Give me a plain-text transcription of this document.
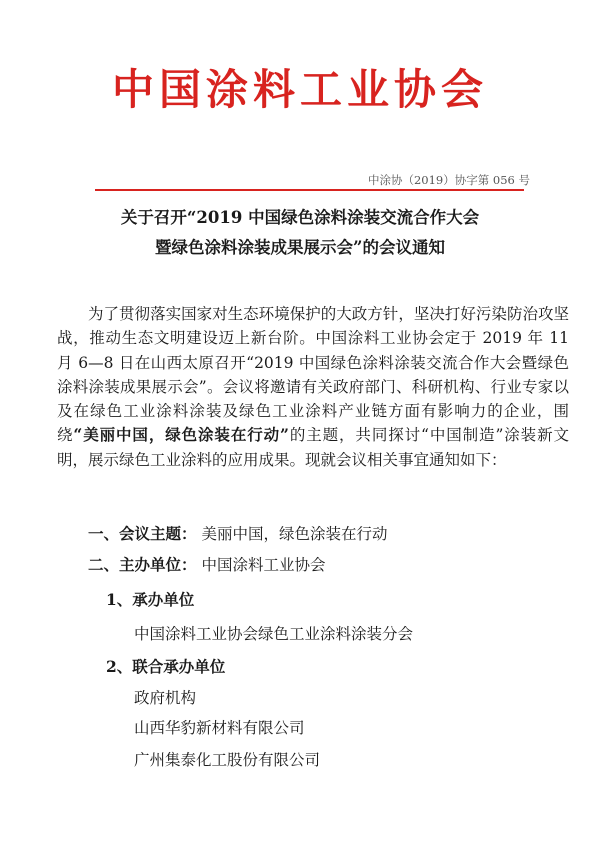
中国涂料工业协会
中涂协（2019）协字第 056 号
关于召开“2019 中国绿色涂料涂装交流合作大会
暨绿色涂料涂装成果展示会”的会议通知

为了贯彻落实国家对生态环境保护的大政方针，坚决打好污染防治攻坚战，推动生态文明建设迈上新台阶。中国涂料工业协会定于 2019 年 11 月 6—8 日在山西太原召开“2019 中国绿色涂料涂装交流合作大会暨绿色涂料涂装成果展示会”。会议将邀请有关政府部门、科研机构、行业专家以及在绿色工业涂料涂装及绿色工业涂料产业链方面有影响力的企业，围绕“美丽中国，绿色涂装在行动”的主题，共同探讨“中国制造”涂装新文明，展示绿色工业涂料的应用成果。现就会议相关事宜通知如下：

一、会议主题： 美丽中国，绿色涂装在行动
二、主办单位： 中国涂料工业协会
1、承办单位
中国涂料工业协会绿色工业涂料涂装分会
2、联合承办单位
政府机构
山西华豹新材料有限公司
广州集泰化工股份有限公司
